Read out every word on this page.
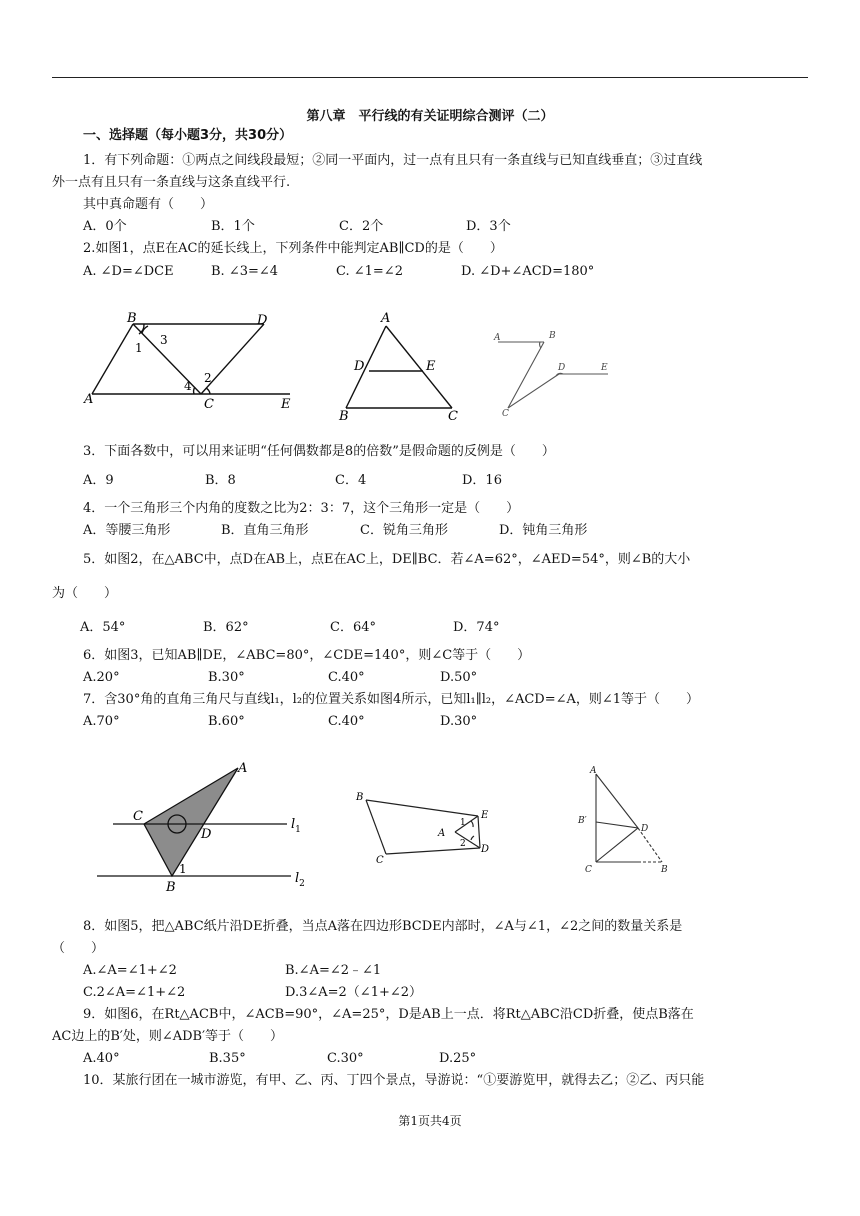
第八章　平行线的有关证明综合测评（二）
一、选择题（每小题3分，共30分）
1．有下列命题：①两点之间线段最短；②同一平面内，过一点有且只有一条直线与已知直线垂直；③过直线
外一点有且只有一条直线与这条直线平行.
其中真命题有（　　）
A．0个	B．1个	C．2个	D．3个
2.如图1，点E在AC的延长线上，下列条件中能判定AB∥CD的是（　　）
A. ∠D=∠DCE	B. ∠3=∠4	C. ∠1=∠2	D. ∠D+∠ACD=180°
B	D
A	C	E
1
3
2
4
A
D	E
B	C
A	B
D	E
C
3．下面各数中，可以用来证明“任何偶数都是8的倍数”是假命题的反例是（　　）
A．9	B．8	C．4	D．16
4．一个三角形三个内角的度数之比为2：3：7，这个三角形一定是（　　）
A．等腰三角形	B．直角三角形	C．锐角三角形	D．钝角三角形
5．如图2，在△ABC中，点D在AB上，点E在AC上，DE∥BC．若∠A=62°，∠AED=54°，则∠B的大小
为（　　）
A．54°	B．62°	C．64°	D．74°
6．如图3，已知AB∥DE，∠ABC=80°，∠CDE=140°，则∠C等于（　　）
A.20°	B.30°	C.40°	D.50°
7．含30°角的直角三角尺与直线l₁，l₂的位置关系如图4所示，已知l₁∥l₂，∠ACD=∠A，则∠1等于（　　）
A.70°	B.60°	C.40°	D.30°
A
C
D
B
$l_1$
$l_2$
1
B
E
A
D
C
1
2
A
B′
D
C	B
8．如图5，把△ABC纸片沿DE折叠，当点A落在四边形BCDE内部时，∠A与∠1，∠2之间的数量关系是
（　　）
A.∠A=∠1+∠2	B.∠A=∠2﹣∠1
C.2∠A=∠1+∠2	D.3∠A=2（∠1+∠2）
9．如图6，在Rt△ACB中，∠ACB=90°，∠A=25°，D是AB上一点．将Rt△ABC沿CD折叠，使点B落在
AC边上的B′处，则∠ADB′等于（　　）
A.40°	B.35°	C.30°	D.25°
10．某旅行团在一城市游览，有甲、乙、丙、丁四个景点，导游说：“①要游览甲，就得去乙；②乙、丙只能
第1页共4页
